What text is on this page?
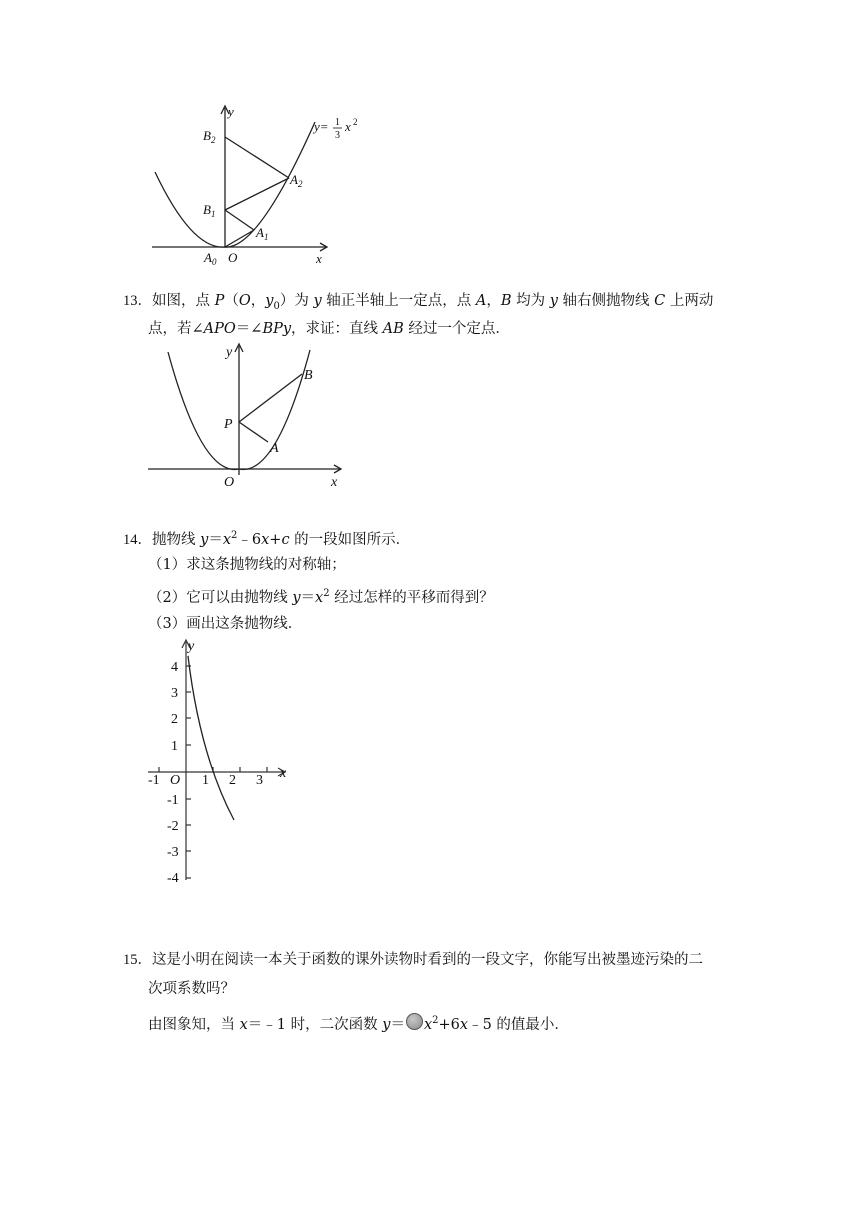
y
x
O
$A_0$
$A_1$
$A_2$
$B_1$
$B_2$
y= 1
3
x 2
13．如图，点 P（O，$y_0$）为 y 轴正半轴上一定点，点 A，B 均为 y 轴右侧抛物线 C 上两动
点，若∠APO＝∠BPy，求证：直线 AB 经过一个定点．
y
x
O
P
A
B
14．抛物线 $y=x^2﹣6x+c$ 的一段如图所示．
（1）求这条抛物线的对称轴；
（2）它可以由抛物线 $y=x^2$ 经过怎样的平移而得到？
（3）画出这条抛物线．
y
x
O
-1	1 2 3
4
3
2
1
-1
-2
-3
-4
15．这是小明在阅读一本关于函数的课外读物时看到的一段文字，你能写出被墨迹污染的二
次项系数吗？
由图象知，当 x＝﹣1 时，二次函数 $y= x^2+6x﹣5$ 的值最小．
